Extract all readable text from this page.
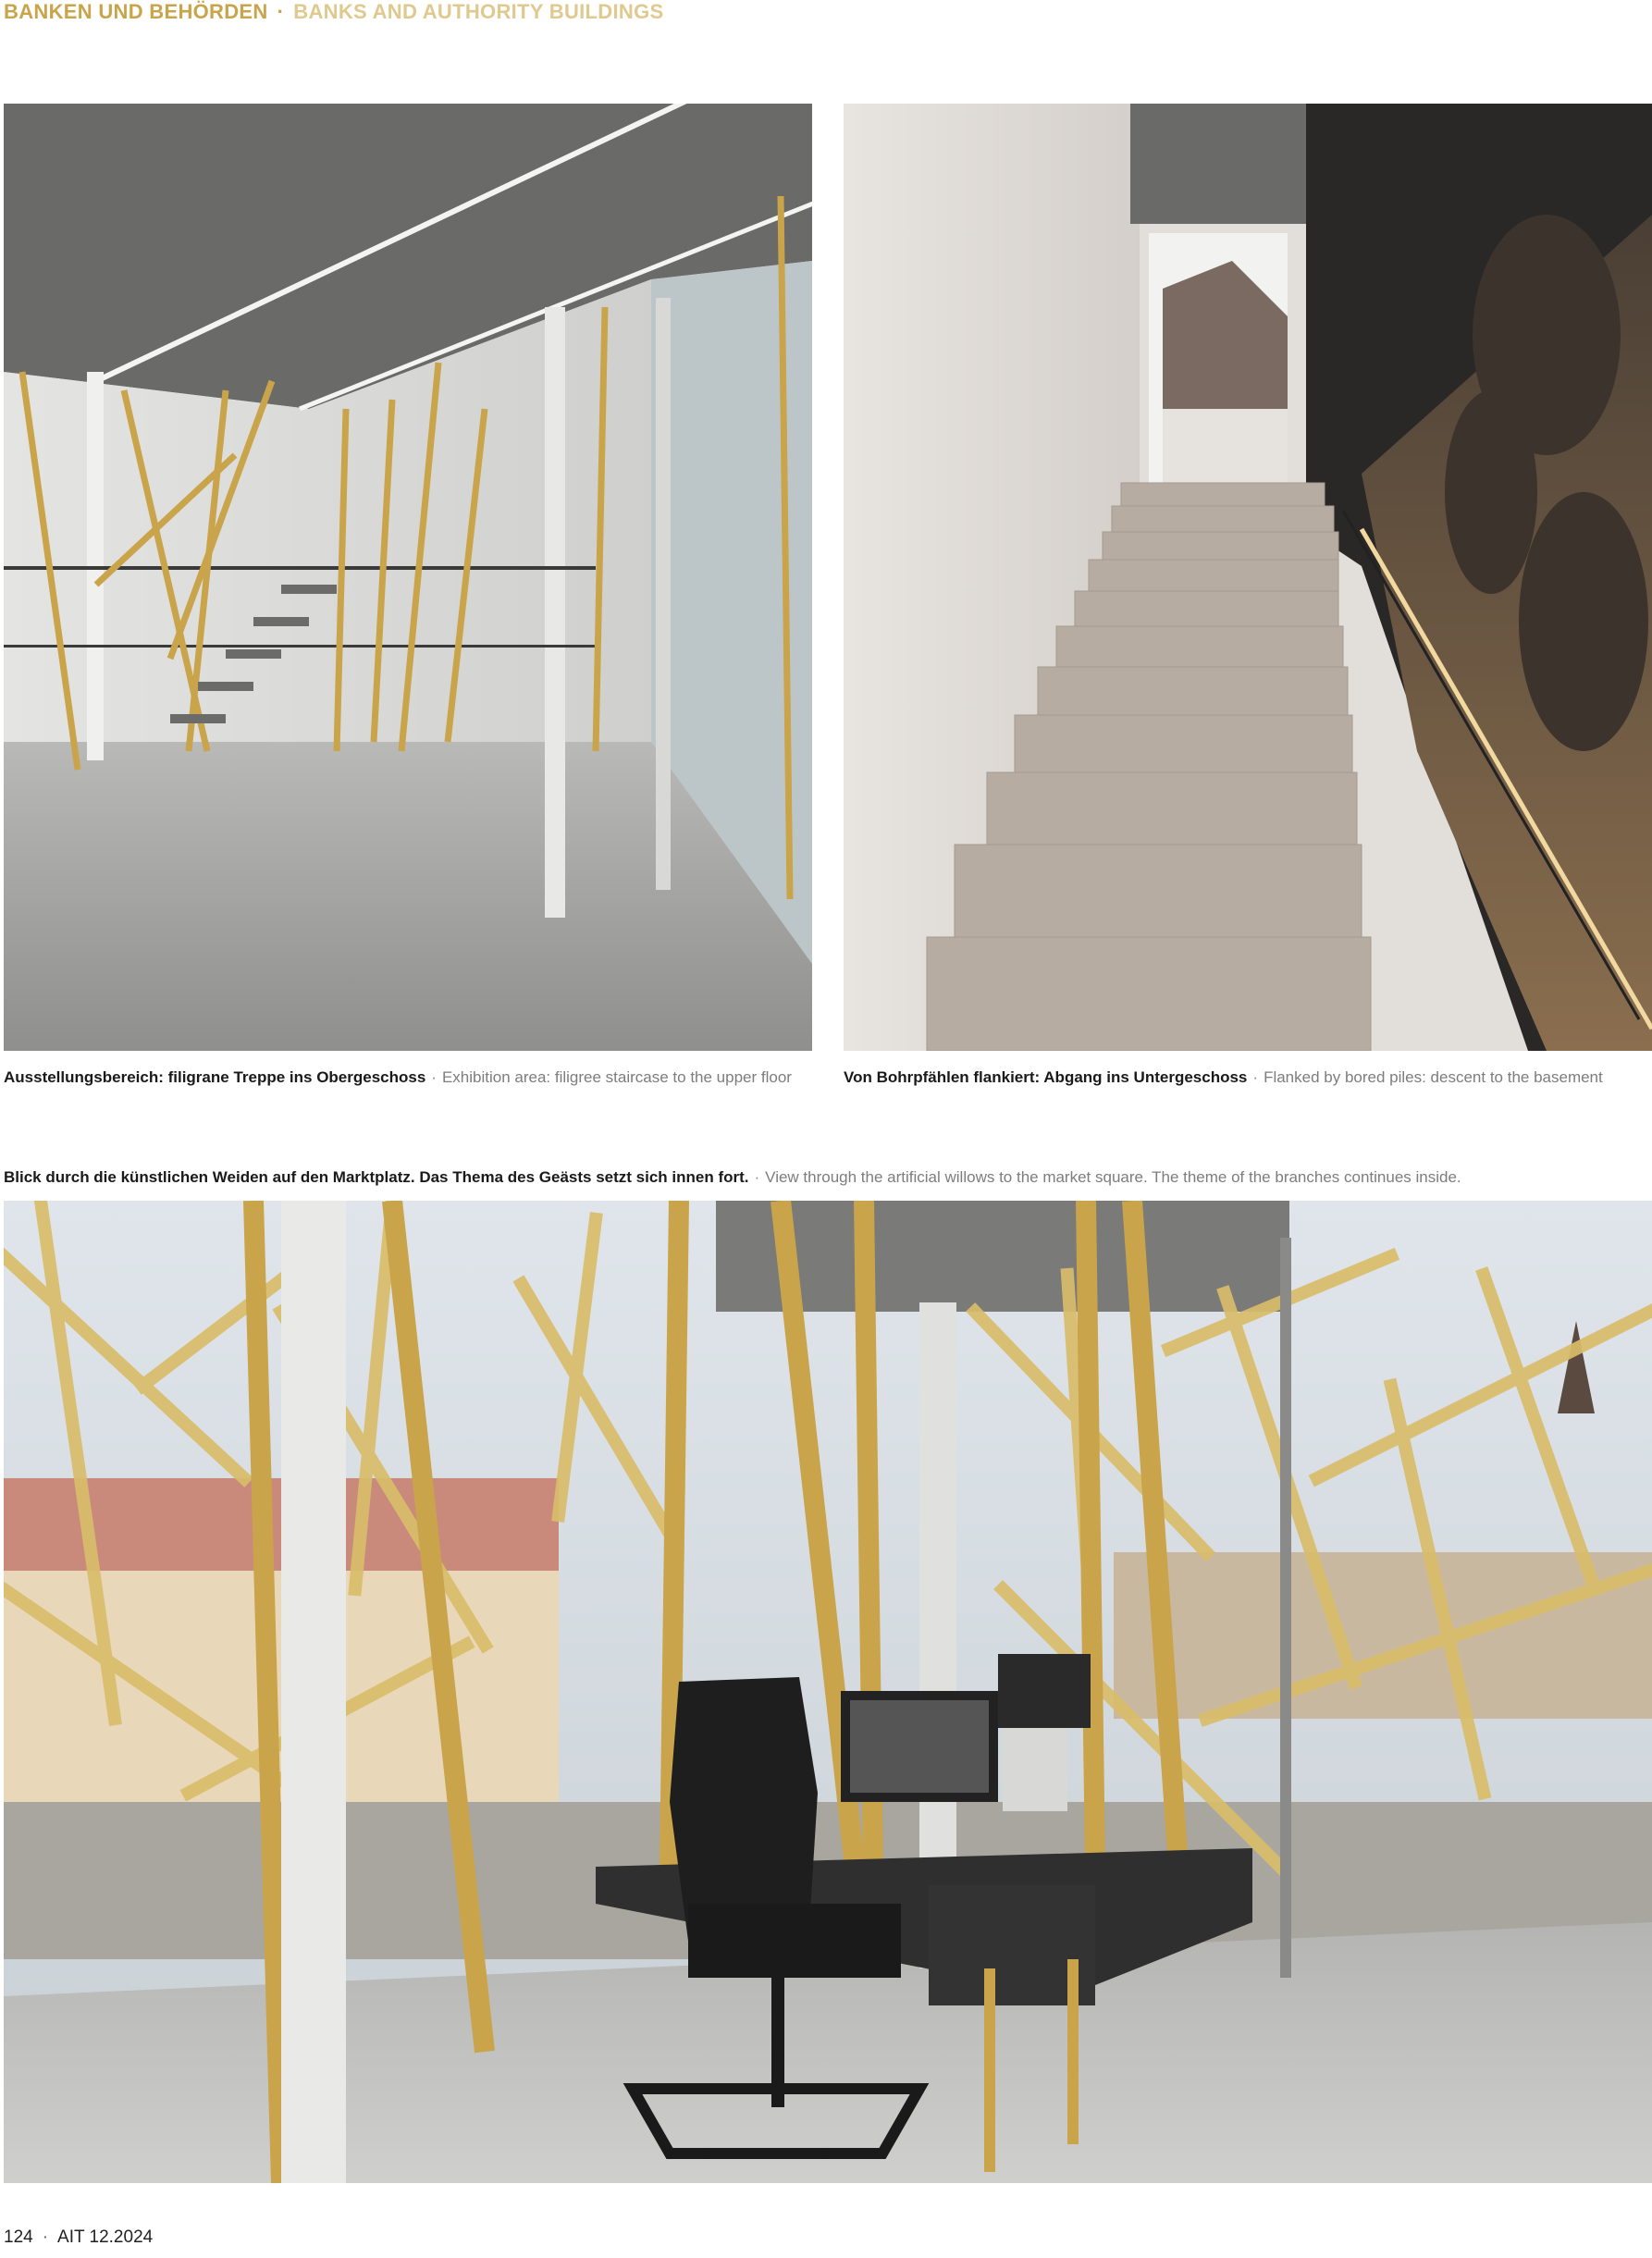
BANKEN UND BEHÖRDEN · BANKS AND AUTHORITY BUILDINGS
Ausstellungsbereich: filigrane Treppe ins Obergeschoss · Exhibition area: filigree staircase to the upper floor	Von Bohrpfählen flankiert: Abgang ins Untergeschoss · Flanked by bored piles: descent to the basement
Blick durch die künstlichen Weiden auf den Marktplatz. Das Thema des Geästs setzt sich innen fort. · View through the artificial willows to the market square. The theme of the branches continues inside.
124 · AIT 12.2024
